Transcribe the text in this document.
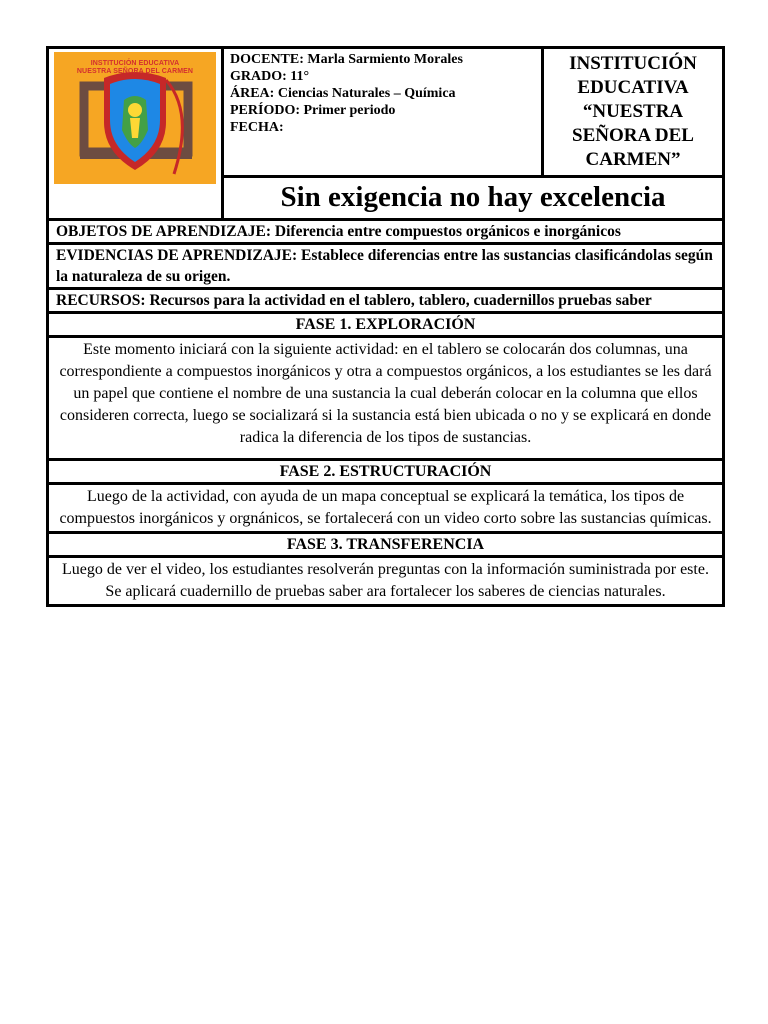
INSTITUCIÓN EDUCATIVA
NUESTRA SEÑORA DEL CARMEN

DOCENTE: Marla Sarmiento Morales
GRADO: 11°
ÁREA: Ciencias Naturales – Química
PERÍODO: Primer periodo
FECHA:

INSTITUCIÓN
EDUCATIVA
“NUESTRA
SEÑORA DEL
CARMEN”

Sin exigencia no hay excelencia
OBJETOS DE APRENDIZAJE: Diferencia entre compuestos orgánicos e inorgánicos
EVIDENCIAS DE APRENDIZAJE: Establece diferencias entre las sustancias clasificándolas según la naturaleza de su origen.
RECURSOS: Recursos para la actividad en el tablero, tablero, cuadernillos pruebas saber
FASE 1. EXPLORACIÓN
Este momento iniciará con la siguiente actividad: en el tablero se colocarán dos columnas, una correspondiente a compuestos inorgánicos y otra a compuestos orgánicos, a los estudiantes se les dará un papel que contiene el nombre de una sustancia la cual deberán colocar en la columna que ellos consideren correcta, luego se socializará si la sustancia está bien ubicada o no y se explicará en donde radica la diferencia de los tipos de sustancias.
FASE 2. ESTRUCTURACIÓN
Luego de la actividad, con ayuda de un mapa conceptual se explicará la temática, los tipos de compuestos inorgánicos y orgnánicos, se fortalecerá con un video corto sobre las sustancias químicas.
FASE 3. TRANSFERENCIA

Luego de ver el video, los estudiantes resolverán preguntas con la información suministrada por este.
Se aplicará cuadernillo de pruebas saber ara fortalecer los saberes de ciencias naturales.
